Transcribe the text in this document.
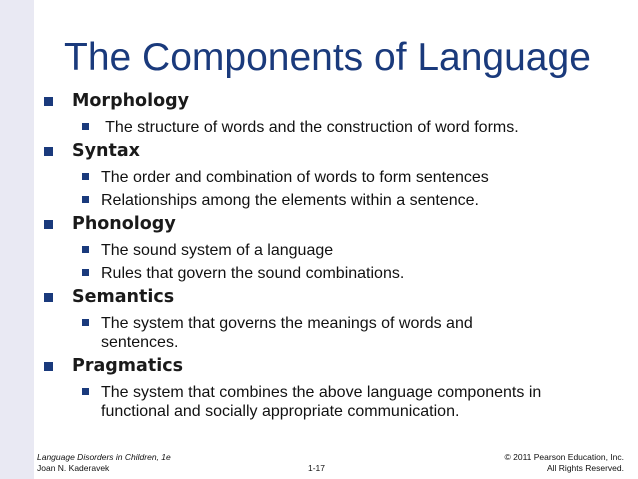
The Components of Language
Morphology
The structure of words and the construction of word forms.
Syntax
The order and combination of words to form sentences
Relationships among the elements within a sentence.
Phonology
The sound system of a language
Rules that govern the sound combinations.
Semantics
The system that governs the meanings of words and sentences.
Pragmatics
The system that combines the above language components in functional and socially appropriate communication.
Language Disorders in Children, 1e
Joan N. Kaderavek	1-17
© 2011 Pearson Education, Inc.
All Rights Reserved.
